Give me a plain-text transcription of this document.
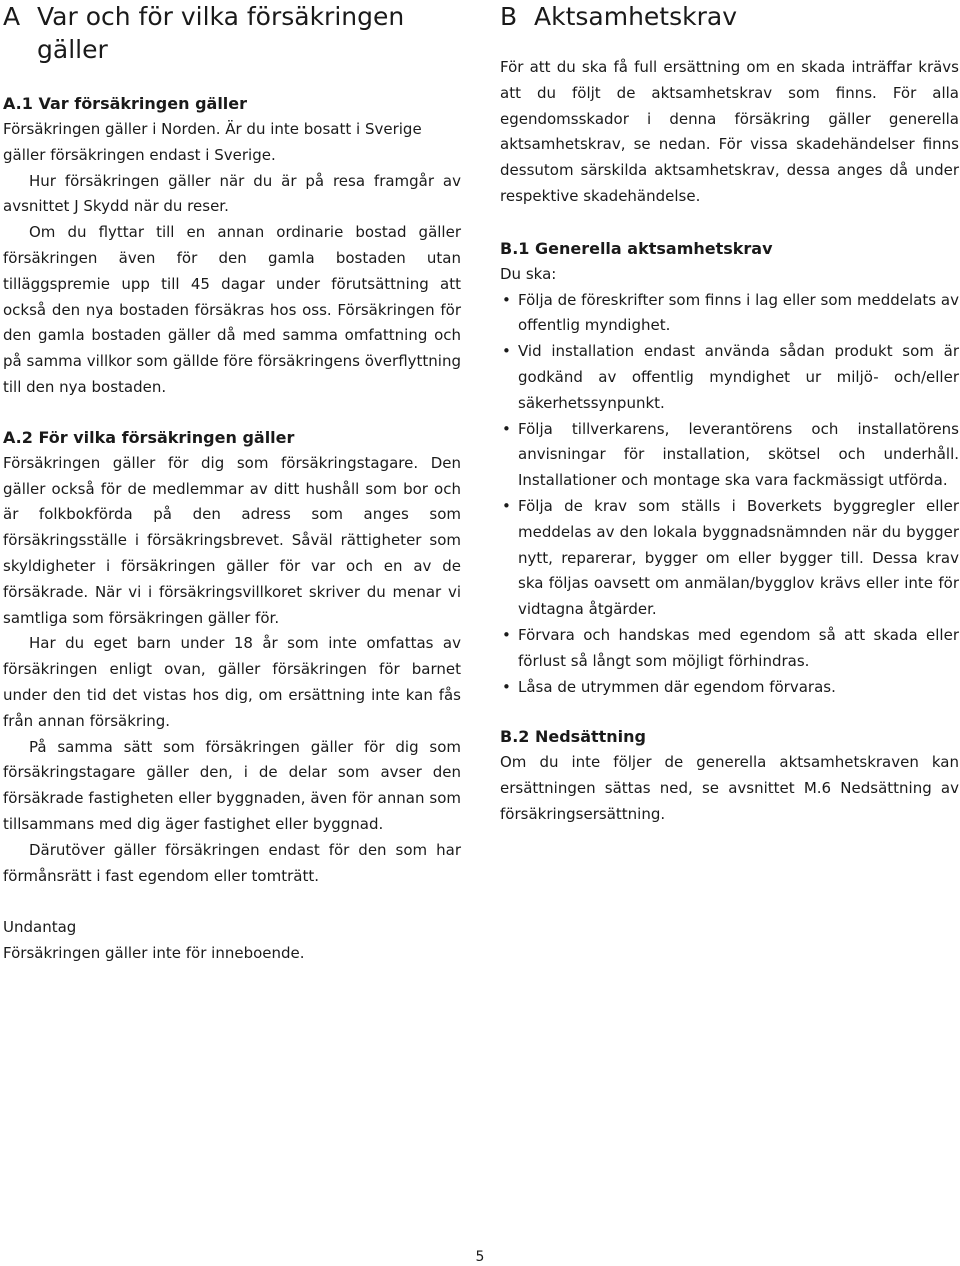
A Var och för vilka försäkringen gäller
A.1 Var försäkringen gäller

Försäkringen gäller i Norden. Är du inte bosatt i Sverige gäller försäkringen endast i Sverige.

Hur försäkringen gäller när du är på resa framgår av avsnittet J Skydd när du reser.

Om du flyttar till en annan ordinarie bostad gäller försäkringen även för den gamla bostaden utan tilläggspremie upp till 45 dagar under förutsättning att också den nya bostaden försäkras hos oss. Försäkringen för den gamla bostaden gäller då med samma omfattning och på samma villkor som gällde före försäkringens överflyttning till den nya bostaden.

A.2 För vilka försäkringen gäller

Försäkringen gäller för dig som försäkringstagare. Den gäller också för de medlemmar av ditt hushåll som bor och är folkbokförda på den adress som anges som försäkringsställe i försäkringsbrevet. Såväl rättigheter som skyldigheter i försäkringen gäller för var och en av de försäkrade. När vi i försäkringsvillkoret skriver du menar vi samtliga som försäkringen gäller för.

Har du eget barn under 18 år som inte omfattas av försäkringen enligt ovan, gäller försäkringen för barnet under den tid det vistas hos dig, om ersättning inte kan fås från annan försäkring.

På samma sätt som försäkringen gäller för dig som försäkringstagare gäller den, i de delar som avser den försäkrade fastigheten eller byggnaden, även för annan som tillsammans med dig äger fastighet eller byggnad.

Därutöver gäller försäkringen endast för den som har förmånsrätt i fast egendom eller tomträtt.

Undantag
Försäkringen gäller inte för inneboende.
B Aktsamhetskrav

För att du ska få full ersättning om en skada inträffar krävs att du följt de aktsamhetskrav som finns. För alla egendomsskador i denna försäkring gäller generella aktsamhetskrav, se nedan. För vissa skadehändelser finns dessutom särskilda aktsamhetskrav, dessa anges då under respektive skadehändelse.

B.1 Generella aktsamhetskrav
Du ska:
• Följa de föreskrifter som finns i lag eller som meddelats av offentlig myndighet.
• Vid installation endast använda sådan produkt som är godkänd av offentlig myndighet ur miljö- och/eller säkerhetssynpunkt.
• Följa tillverkarens, leverantörens och installatörens anvisningar för installation, skötsel och underhåll. Installationer och montage ska vara fackmässigt utförda.
• Följa de krav som ställs i Boverkets byggregler eller meddelas av den lokala byggnadsnämnden när du bygger nytt, reparerar, bygger om eller bygger till. Dessa krav ska följas oavsett om anmälan/bygglov krävs eller inte för vidtagna åtgärder.
• Förvara och handskas med egendom så att skada eller förlust så långt som möjligt förhindras.
• Låsa de utrymmen där egendom förvaras.
B.2 Nedsättning

Om du inte följer de generella aktsamhetskraven kan ersättningen sättas ned, se avsnittet M.6 Nedsättning av försäkringsersättning.

5
